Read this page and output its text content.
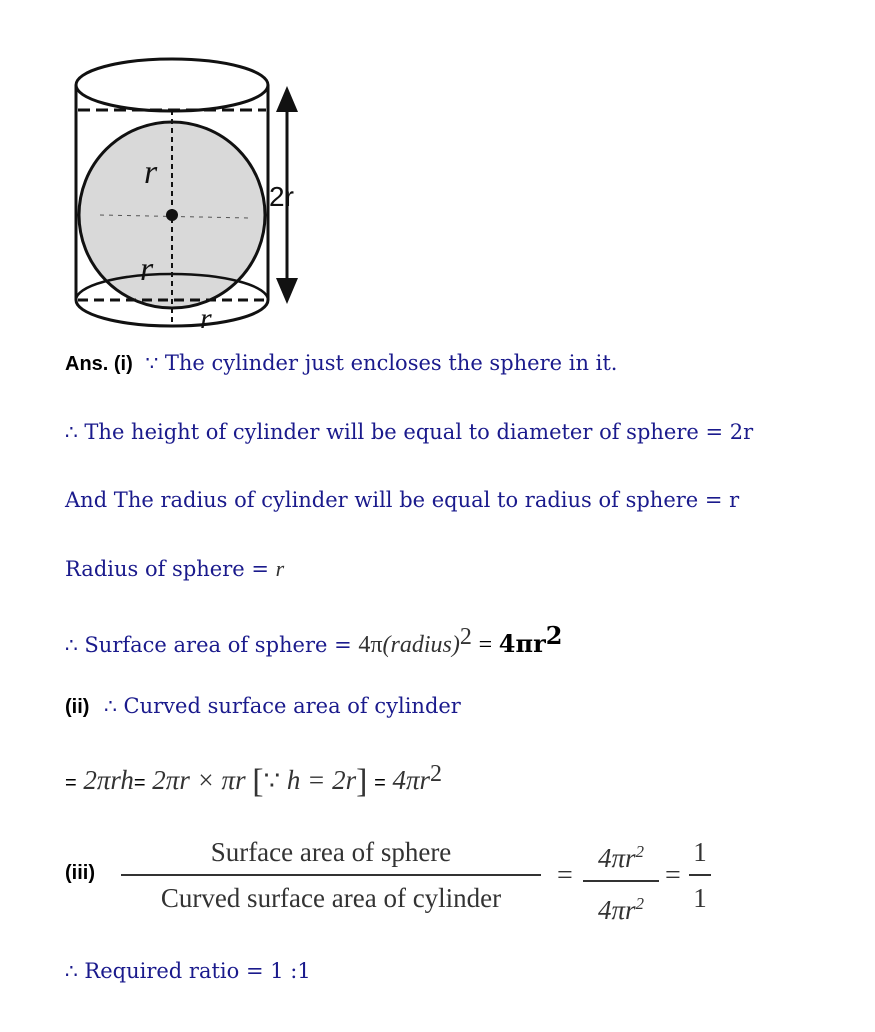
2r
r
r
r
Ans. (i) ∵ The cylinder just encloses the sphere in it.
∴ The height of cylinder will be equal to diameter of sphere = 2r
And The radius of cylinder will be equal to radius of sphere = r
Radius of sphere = r
∴ Surface area of sphere = 4π(radius)$^2$ = $4\pi r^2$
(ii) ∴ Curved surface area of cylinder
= 2πrh= 2πr × πr [∵ $h = 2r] = 4\pi r^2$
(iii)
Surface area of sphere
Curved surface area of cylinder
=
$4\pi r^2$
$4\pi r^2$
=
1
1
∴ Required ratio = 1 :1
